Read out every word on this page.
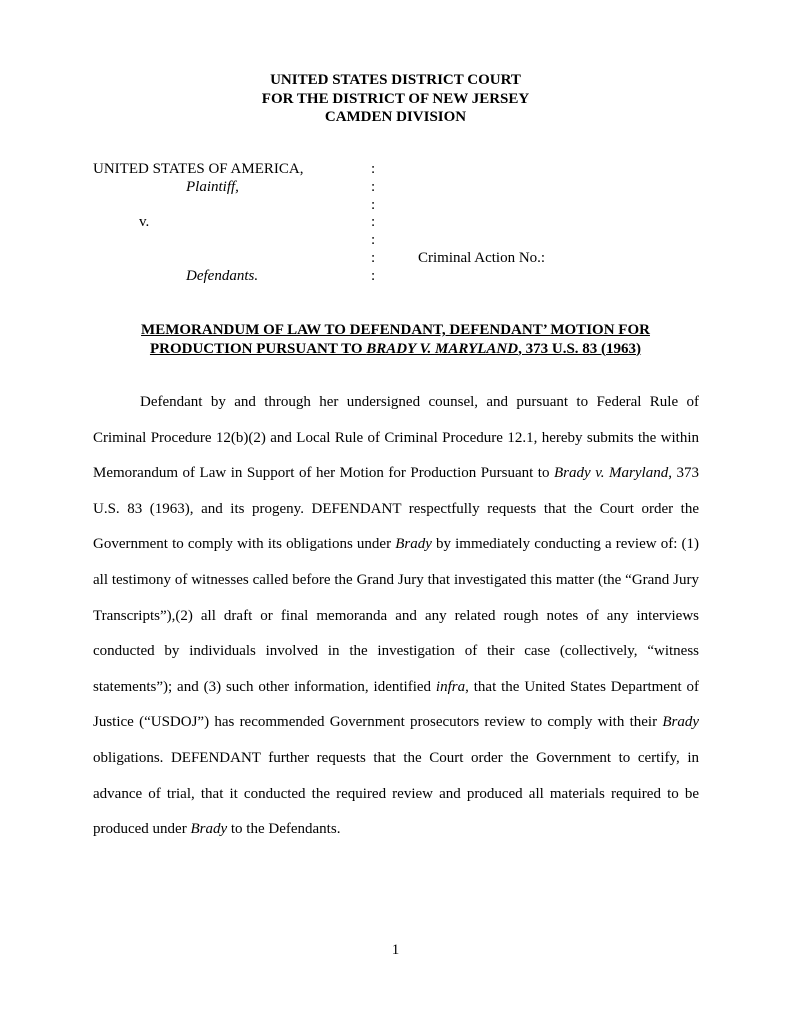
UNITED STATES DISTRICT COURT
FOR THE DISTRICT OF NEW JERSEY
CAMDEN DIVISION
UNITED STATES OF AMERICA,	:
Plaintiff,	:
:
v.	:
:
:	Criminal Action No.:
Defendants.	:
MEMORANDUM OF LAW TO DEFENDANT, DEFENDANT’ MOTION FOR
PRODUCTION PURSUANT TO BRADY V. MARYLAND, 373 U.S. 83 (1963)

Defendant by and through her undersigned counsel, and pursuant to Federal Rule of Criminal Procedure 12(b)(2) and Local Rule of Criminal Procedure 12.1, hereby submits the within Memorandum of Law in Support of her Motion for Production Pursuant to Brady v. Maryland, 373 U.S. 83 (1963), and its progeny. DEFENDANT respectfully requests that the Court order the Government to comply with its obligations under Brady by immediately conducting a review of: (1) all testimony of witnesses called before the Grand Jury that investigated this matter (the “Grand Jury Transcripts”),(2) all draft or final memoranda and any related rough notes of any interviews conducted by individuals involved in the investigation of their case (collectively, “witness statements”); and (3) such other information, identified infra, that the United States Department of Justice (“USDOJ”) has recommended Government prosecutors review to comply with their Brady obligations. DEFENDANT further requests that the Court order the Government to certify, in advance of trial, that it conducted the required review and produced all materials required to be produced under Brady to the Defendants.

1
